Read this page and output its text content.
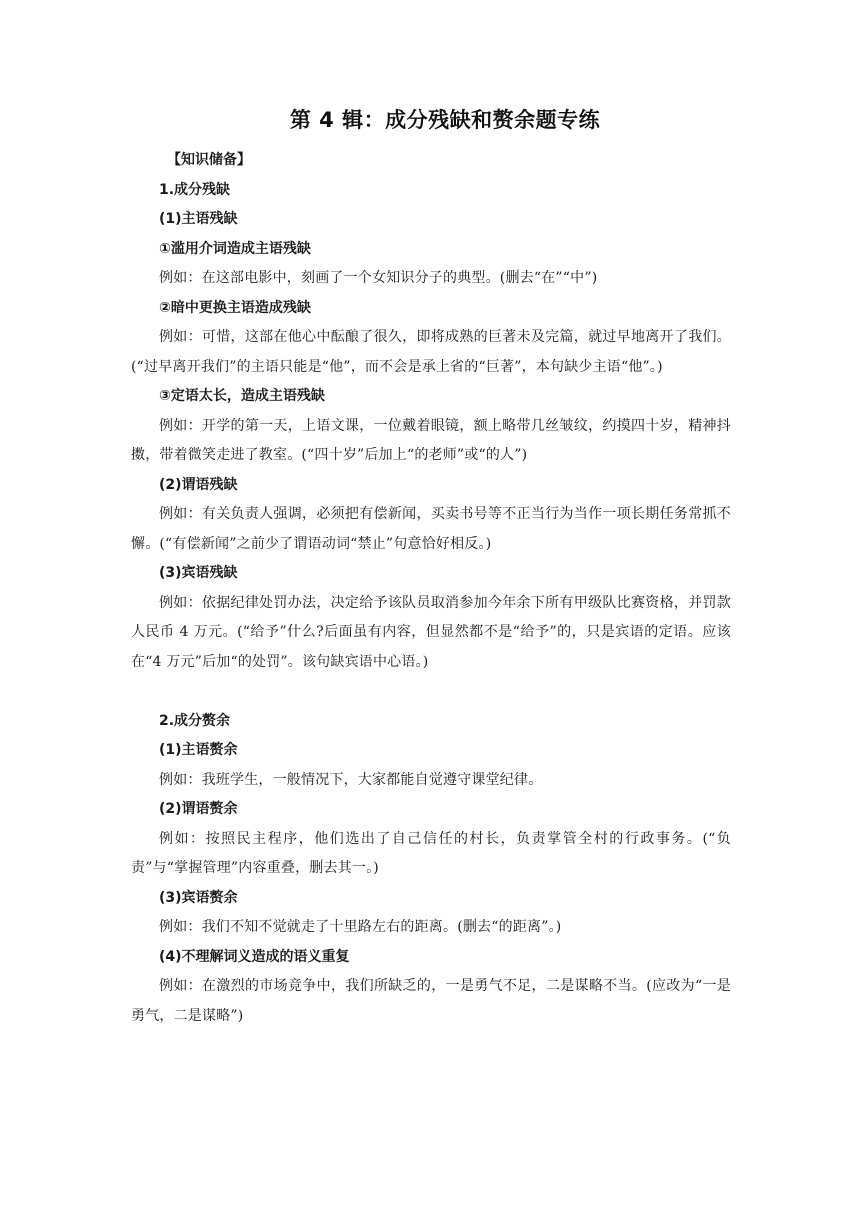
第 4 辑：成分残缺和赘余题专练
【知识储备】
1.成分残缺
(1)主语残缺
①滥用介词造成主语残缺
例如：在这部电影中，刻画了一个女知识分子的典型。(删去“在”“中”)
②暗中更换主语造成残缺
例如：可惜，这部在他心中酝酿了很久，即将成熟的巨著未及完篇，就过早地离开了我们。(“过早离开我们”的主语只能是“他”，而不会是承上省的“巨著”，本句缺少主语“他”。)
③定语太长，造成主语残缺
例如：开学的第一天，上语文课，一位戴着眼镜，额上略带几丝皱纹，约摸四十岁，精神抖擞，带着微笑走进了教室。(“四十岁”后加上“的老师”或“的人”)
(2)谓语残缺
例如：有关负责人强调，必须把有偿新闻，买卖书号等不正当行为当作一项长期任务常抓不懈。(“有偿新闻”之前少了谓语动词“禁止”句意恰好相反。)
(3)宾语残缺
例如：依据纪律处罚办法，决定给予该队员取消参加今年余下所有甲级队比赛资格，并罚款人民币 4 万元。(“给予”什么?后面虽有内容，但显然都不是“给予”的，只是宾语的定语。应该在“4 万元”后加“的处罚”。该句缺宾语中心语。)
2.成分赘余
(1)主语赘余
例如：我班学生，一般情况下，大家都能自觉遵守课堂纪律。
(2)谓语赘余
例如：按照民主程序，他们选出了自己信任的村长，负责掌管全村的行政事务。(“负责”与“掌握管理”内容重叠，删去其一。)
(3)宾语赘余
例如：我们不知不觉就走了十里路左右的距离。(删去“的距离”。)
(4)不理解词义造成的语义重复
例如：在激烈的市场竞争中，我们所缺乏的，一是勇气不足，二是谋略不当。(应改为“一是勇气，二是谋略”)
